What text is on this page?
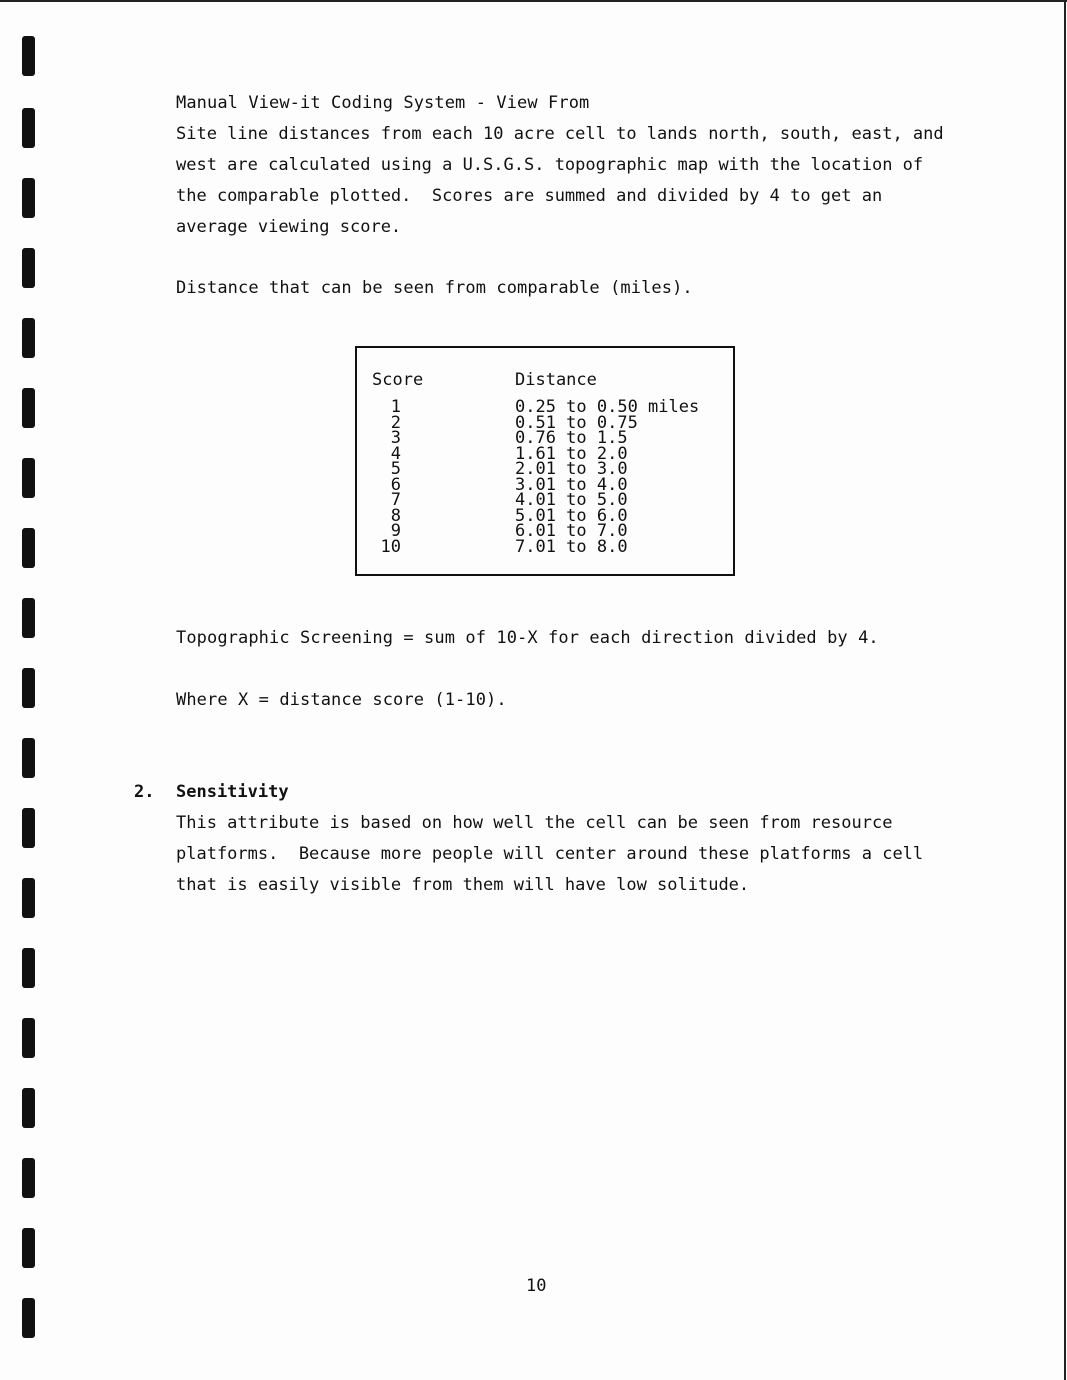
Manual View-it Coding System - View From
Site line distances from each 10 acre cell to lands north, south, east, and
west are calculated using a U.S.G.S. topographic map with the location of
the comparable plotted.  Scores are summed and divided by 4 to get an
average viewing score.
Distance that can be seen from comparable (miles).
Score	Distance
1	0.25 to 0.50 miles
2	0.51 to 0.75
3	0.76 to 1.5
4	1.61 to 2.0
5	2.01 to 3.0
6	3.01 to 4.0
7	4.01 to 5.0
8	5.01 to 6.0
9	6.01 to 7.0
10	7.01 to 8.0
Topographic Screening = sum of 10-X for each direction divided by 4.
Where X = distance score (1-10).
2. Sensitivity
This attribute is based on how well the cell can be seen from resource
platforms.  Because more people will center around these platforms a cell
that is easily visible from them will have low solitude.
10
